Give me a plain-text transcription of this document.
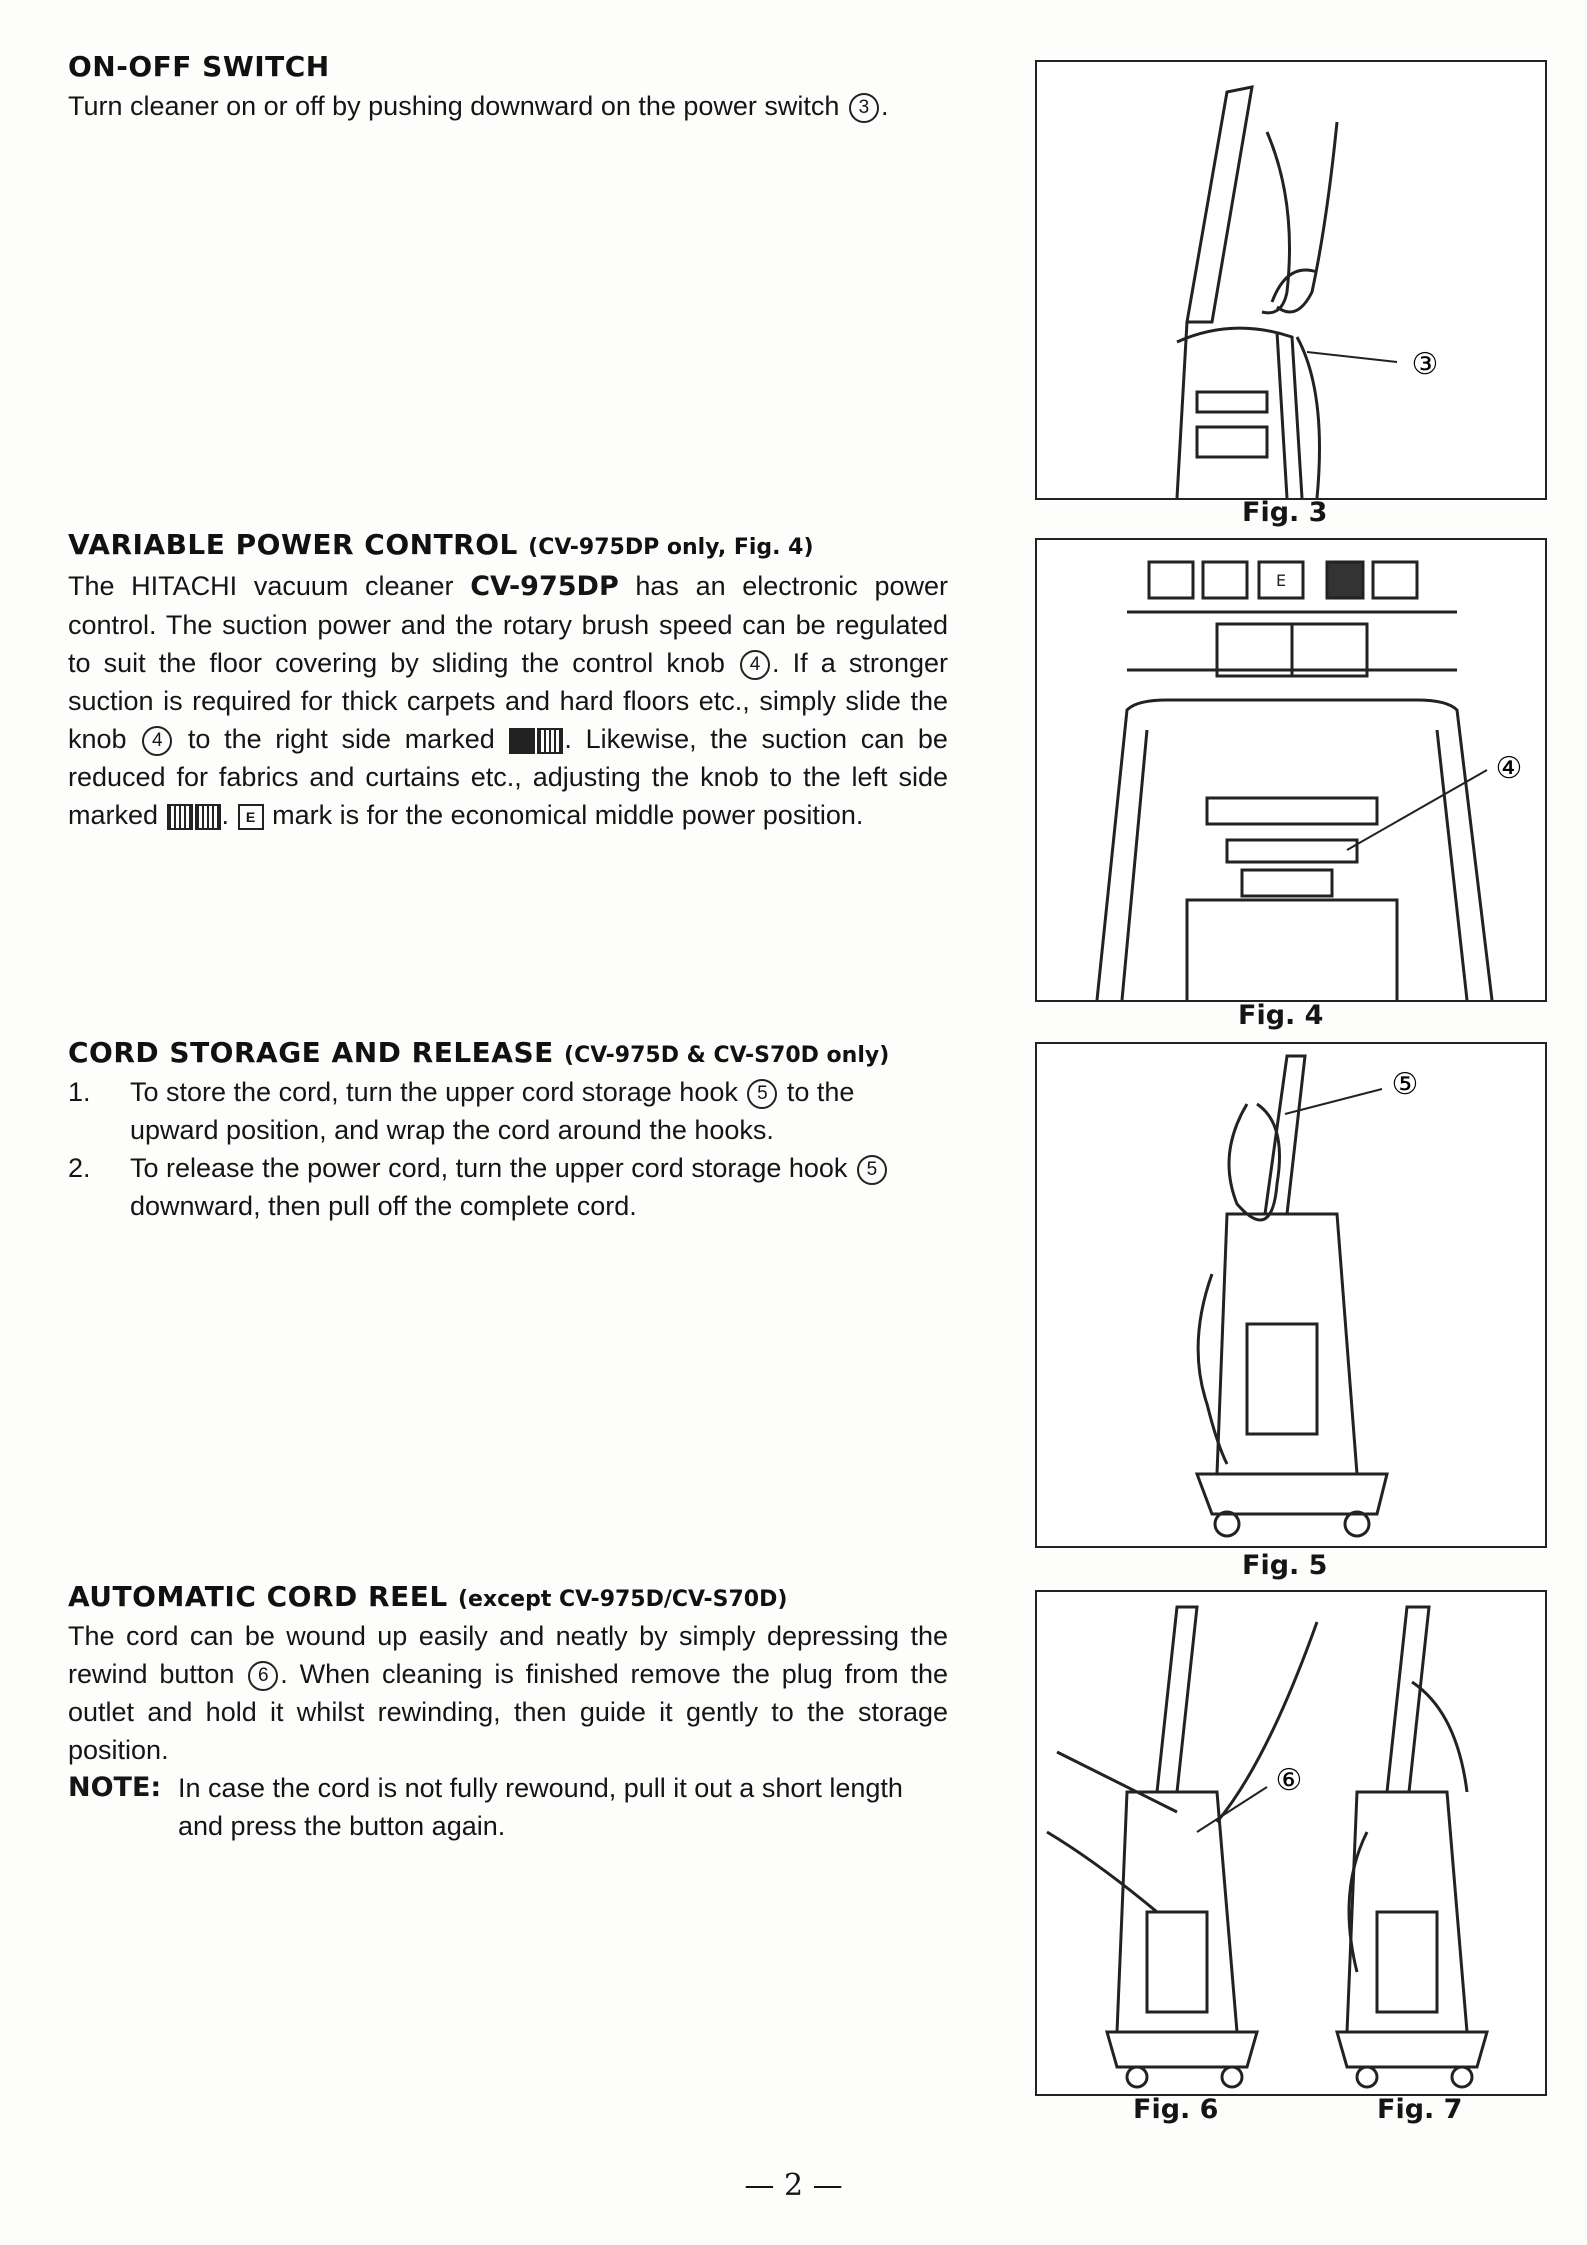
ON-OFF SWITCH

Turn cleaner on or off by pushing downward on the power switch 3 .

VARIABLE POWER CONTROL (CV-975DP only, Fig. 4)

The HITACHI vacuum cleaner CV-975DP has an electronic power control. The suction power and the rotary brush speed can be regulated to suit the floor covering by sliding the control knob 4 . If a stronger suction is required for thick carpets and hard floors etc., simply slide the knob 4 to the right side marked	. Likewise, the suction can be reduced for fabrics and curtains etc., adjusting the knob to the left side marked . E mark is for the economical middle power position.

CORD STORAGE AND RELEASE (CV-975D & CV-S70D only)
1. To store the cord, turn the upper cord storage hook 5 to the upward position, and wrap the cord around the hooks.
2. To release the power cord, turn the upper cord storage hook 5 downward, then pull off the complete cord.
AUTOMATIC CORD REEL (except CV-975D/CV-S70D)

The cord can be wound up easily and neatly by simply depressing the rewind button 6 . When cleaning is finished remove the plug from the outlet and hold it whilst rewinding, then guide it gently to the storage position.

NOTE: In case the cord is not fully rewound, pull it out a short length and press the button again.
③
Fig. 3
E
④
Fig. 4
⑤
Fig. 5
⑥
Fig. 6	Fig. 7
— 2 —
